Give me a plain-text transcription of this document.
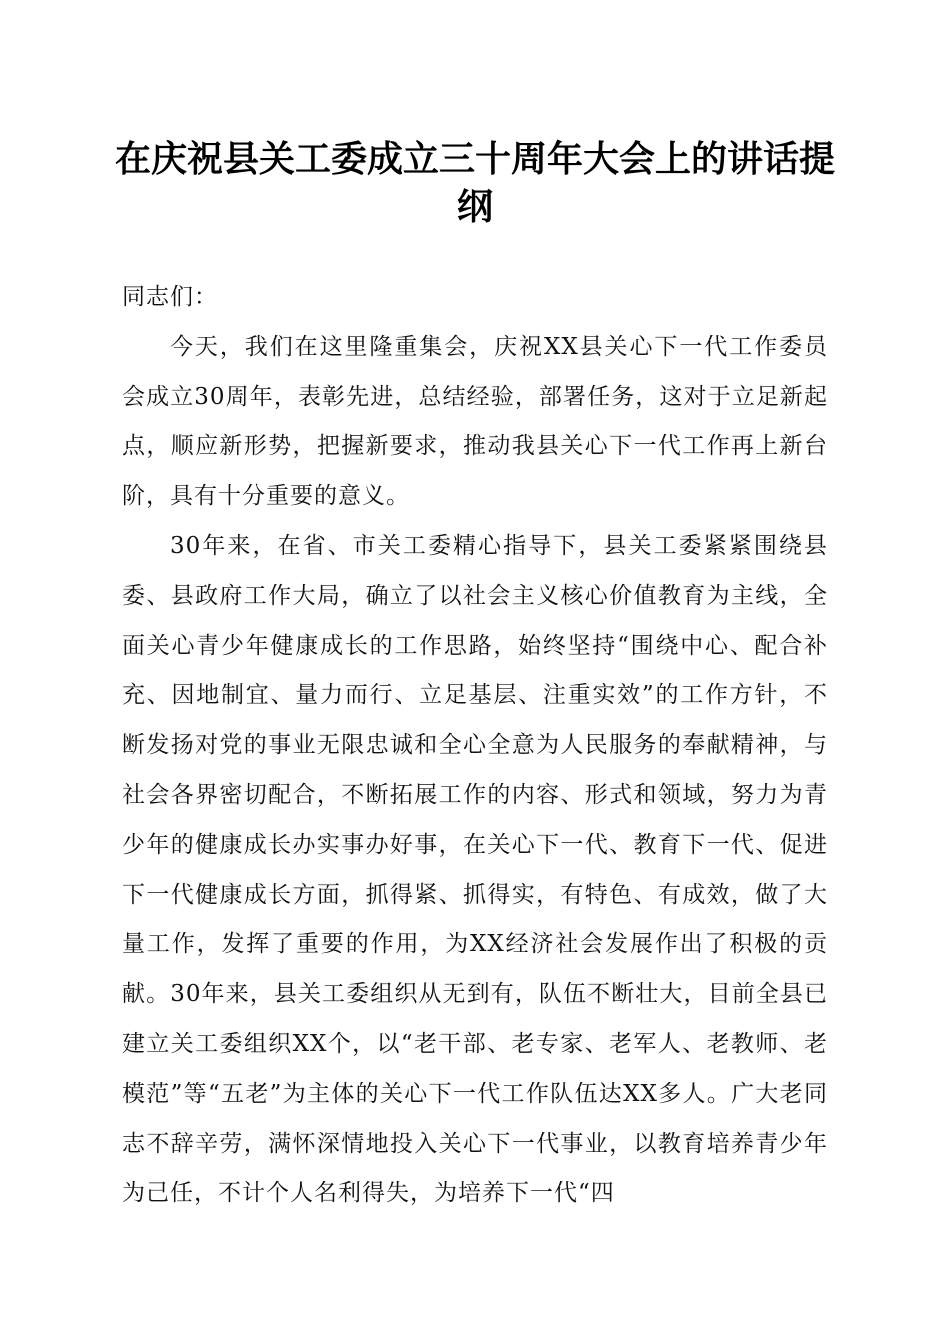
在庆祝县关工委成立三十周年大会上的讲话提纲

同志们：

今天，我们在这里隆重集会，庆祝XX县关心下一代工作委员会成立30周年，表彰先进，总结经验，部署任务，这对于立足新起点，顺应新形势，把握新要求，推动我县关心下一代工作再上新台阶，具有十分重要的意义。

30年来，在省、市关工委精心指导下，县关工委紧紧围绕县委、县政府工作大局，确立了以社会主义核心价值教育为主线，全面关心青少年健康成长的工作思路，始终坚持“围绕中心、配合补充、因地制宜、量力而行、立足基层、注重实效”的工作方针，不断发扬对党的事业无限忠诚和全心全意为人民服务的奉献精神，与社会各界密切配合，不断拓展工作的内容、形式和领域，努力为青少年的健康成长办实事办好事，在关心下一代、教育下一代、促进下一代健康成长方面，抓得紧、抓得实，有特色、有成效，做了大量工作，发挥了重要的作用，为XX经济社会发展作出了积极的贡献。30年来，县关工委组织从无到有，队伍不断壮大，目前全县已建立关工委组织XX个，以“老干部、老专家、老军人、老教师、老模范”等“五老”为主体的关心下一代工作队伍达XX多人。广大老同志不辞辛劳，满怀深情地投入关心下一代事业，以教育培养青少年为己任，不计个人名利得失，为培养下一代“四
